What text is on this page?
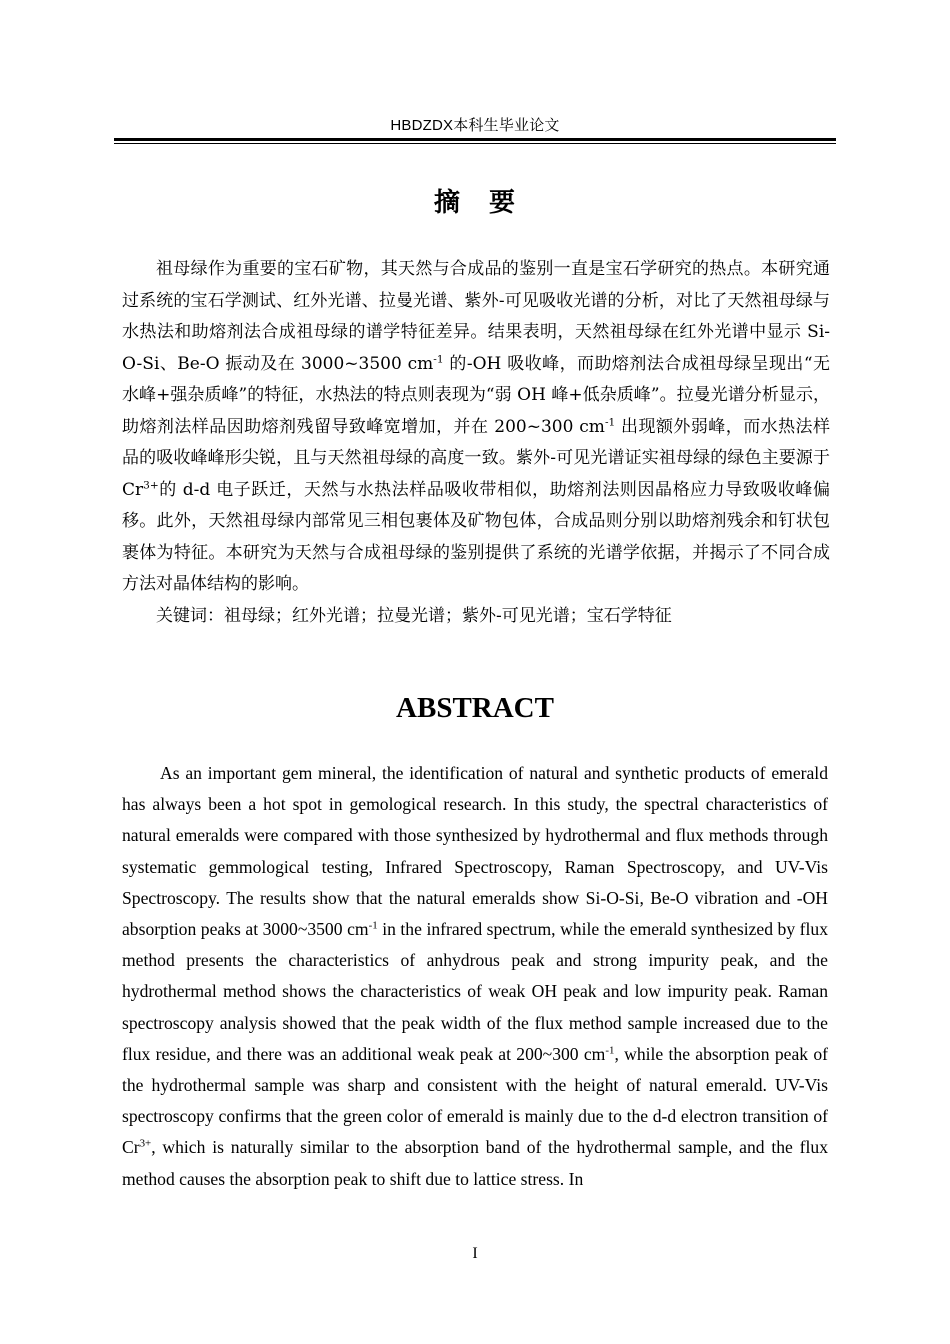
HBDZDX本科生毕业论文
摘 要

祖母绿作为重要的宝石矿物，其天然与合成品的鉴别一直是宝石学研究的热点。本研究通过系统的宝石学测试、红外光谱、拉曼光谱、紫外-可见吸收光谱的分析，对比了天然祖母绿与水热法和助熔剂法合成祖母绿的谱学特征差异。结果表明，天然祖母绿在红外光谱中显示 Si-O-Si、Be-O 振动及在 3000~3500 $cm^{-1}$ 的-OH 吸收峰，而助熔剂法合成祖母绿呈现出“无水峰+强杂质峰”的特征，水热法的特点则表现为“弱 OH 峰+低杂质峰”。拉曼光谱分析显示，助熔剂法样品因助熔剂残留导致峰宽增加，并在 200~300 $cm^{-1}$ 出现额外弱峰，而水热法样品的吸收峰峰形尖锐，且与天然祖母绿的高度一致。紫外-可见光谱证实祖母绿的绿色主要源于 $Cr^{3+}$的 d-d 电子跃迁，天然与水热法样品吸收带相似，助熔剂法则因晶格应力导致吸收峰偏移。此外，天然祖母绿内部常见三相包裹体及矿物包体，合成品则分别以助熔剂残余和钉状包裹体为特征。本研究为天然与合成祖母绿的鉴别提供了系统的光谱学依据，并揭示了不同合成方法对晶体结构的影响。

关键词：祖母绿；红外光谱；拉曼光谱；紫外-可见光谱；宝石学特征

ABSTRACT

As an important gem mineral, the identification of natural and synthetic products of emerald has always been a hot spot in gemological research. In this study, the spectral characteristics of natural emeralds were compared with those synthesized by hydrothermal and flux methods through systematic gemmological testing, Infrared Spectroscopy, Raman Spectroscopy, and UV-Vis Spectroscopy. The results show that the natural emeralds show Si-O-Si, Be-O vibration and -OH absorption peaks at 3000~3500 $cm^{-1}$ in the infrared spectrum, while the emerald synthesized by flux method presents the characteristics of anhydrous peak and strong impurity peak, and the hydrothermal method shows the characteristics of weak OH peak and low impurity peak. Raman spectroscopy analysis showed that the peak width of the flux method sample increased due to the flux residue, and there was an additional weak peak at 200~300 $cm^{-1}$, while the absorption peak of the hydrothermal sample was sharp and consistent with the height of natural emerald. UV-Vis spectroscopy confirms that the green color of emerald is mainly due to the d-d electron transition of $Cr^{3+}$, which is naturally similar to the absorption band of the hydrothermal sample, and the flux method causes the absorption peak to shift due to lattice stress. In

I
